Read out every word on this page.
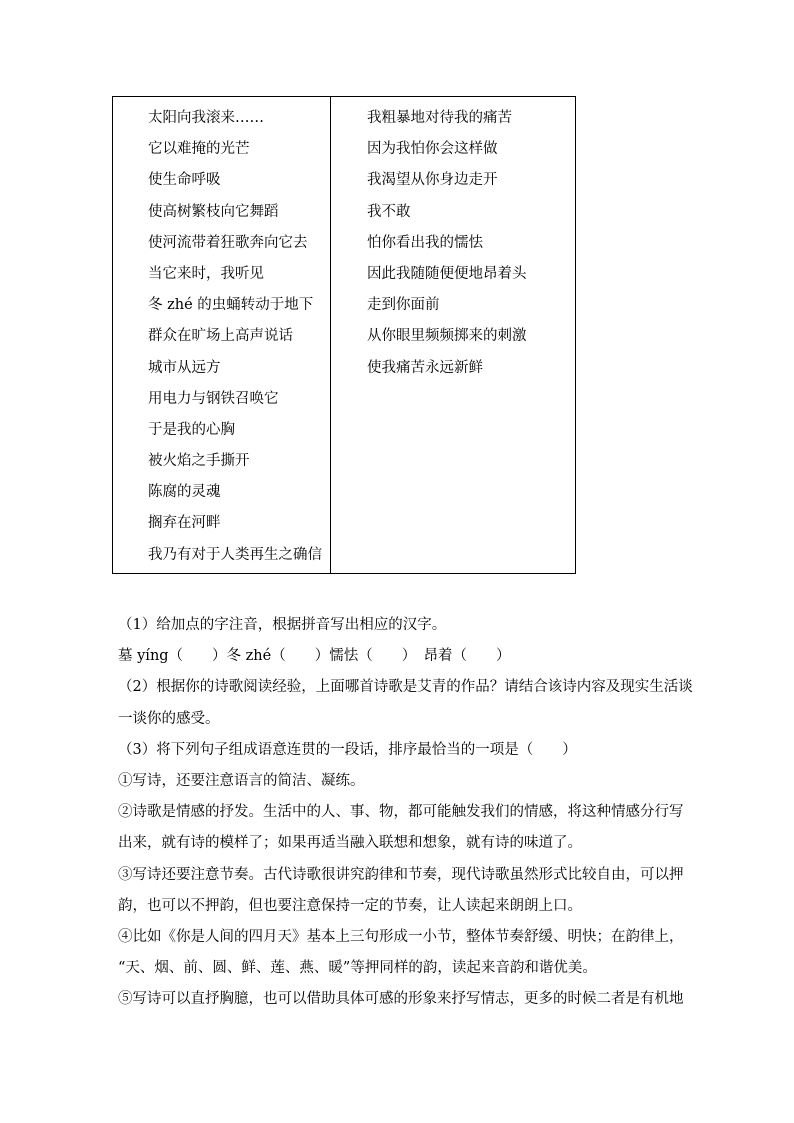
太阳向我滚来……
它以难掩的光芒
使生命呼吸
使高树繁枝向它舞蹈
使河流带着狂歌奔向它去
当它来时，我听见
冬 zhé 的虫蛹转动于地下
群众在旷场上高声说话
城市从远方
用电力与钢铁召唤它
于是我的心胸
被火焰之手撕开
陈腐的灵魂
搁弃在河畔
我乃有对于人类再生之确信
我粗暴地对待我的痛苦
因为我怕你会这样做
我渴望从你身边走开
我不敢
怕你看出我的懦怯
因此我随随便便地昂着头
走到你面前
从你眼里频频掷来的刺激
使我痛苦永远新鲜
（1）给加点的字注音，根据拼音写出相应的汉字。
墓 yíng（　　）冬 zhé（　　）懦怯（　　）　昂着（　　）
（2）根据你的诗歌阅读经验，上面哪首诗歌是艾青的作品？请结合该诗内容及现实生活谈
一谈你的感受。
（3）将下列句子组成语意连贯的一段话，排序最恰当的一项是（　　）
①写诗，还要注意语言的简洁、凝练。
②诗歌是情感的抒发。生活中的人、事、物，都可能触发我们的情感，将这种情感分行写
出来，就有诗的模样了；如果再适当融入联想和想象，就有诗的味道了。
③写诗还要注意节奏。古代诗歌很讲究韵律和节奏，现代诗歌虽然形式比较自由，可以押
韵，也可以不押韵，但也要注意保持一定的节奏，让人读起来朗朗上口。
④比如《你是人间的四月天》基本上三句形成一小节，整体节奏舒缓、明快；在韵律上，
“天、烟、前、圆、鲜、莲、燕、暖”等押同样的韵，读起来音韵和谐优美。
⑤写诗可以直抒胸臆，也可以借助具体可感的形象来抒写情志，更多的时候二者是有机地
